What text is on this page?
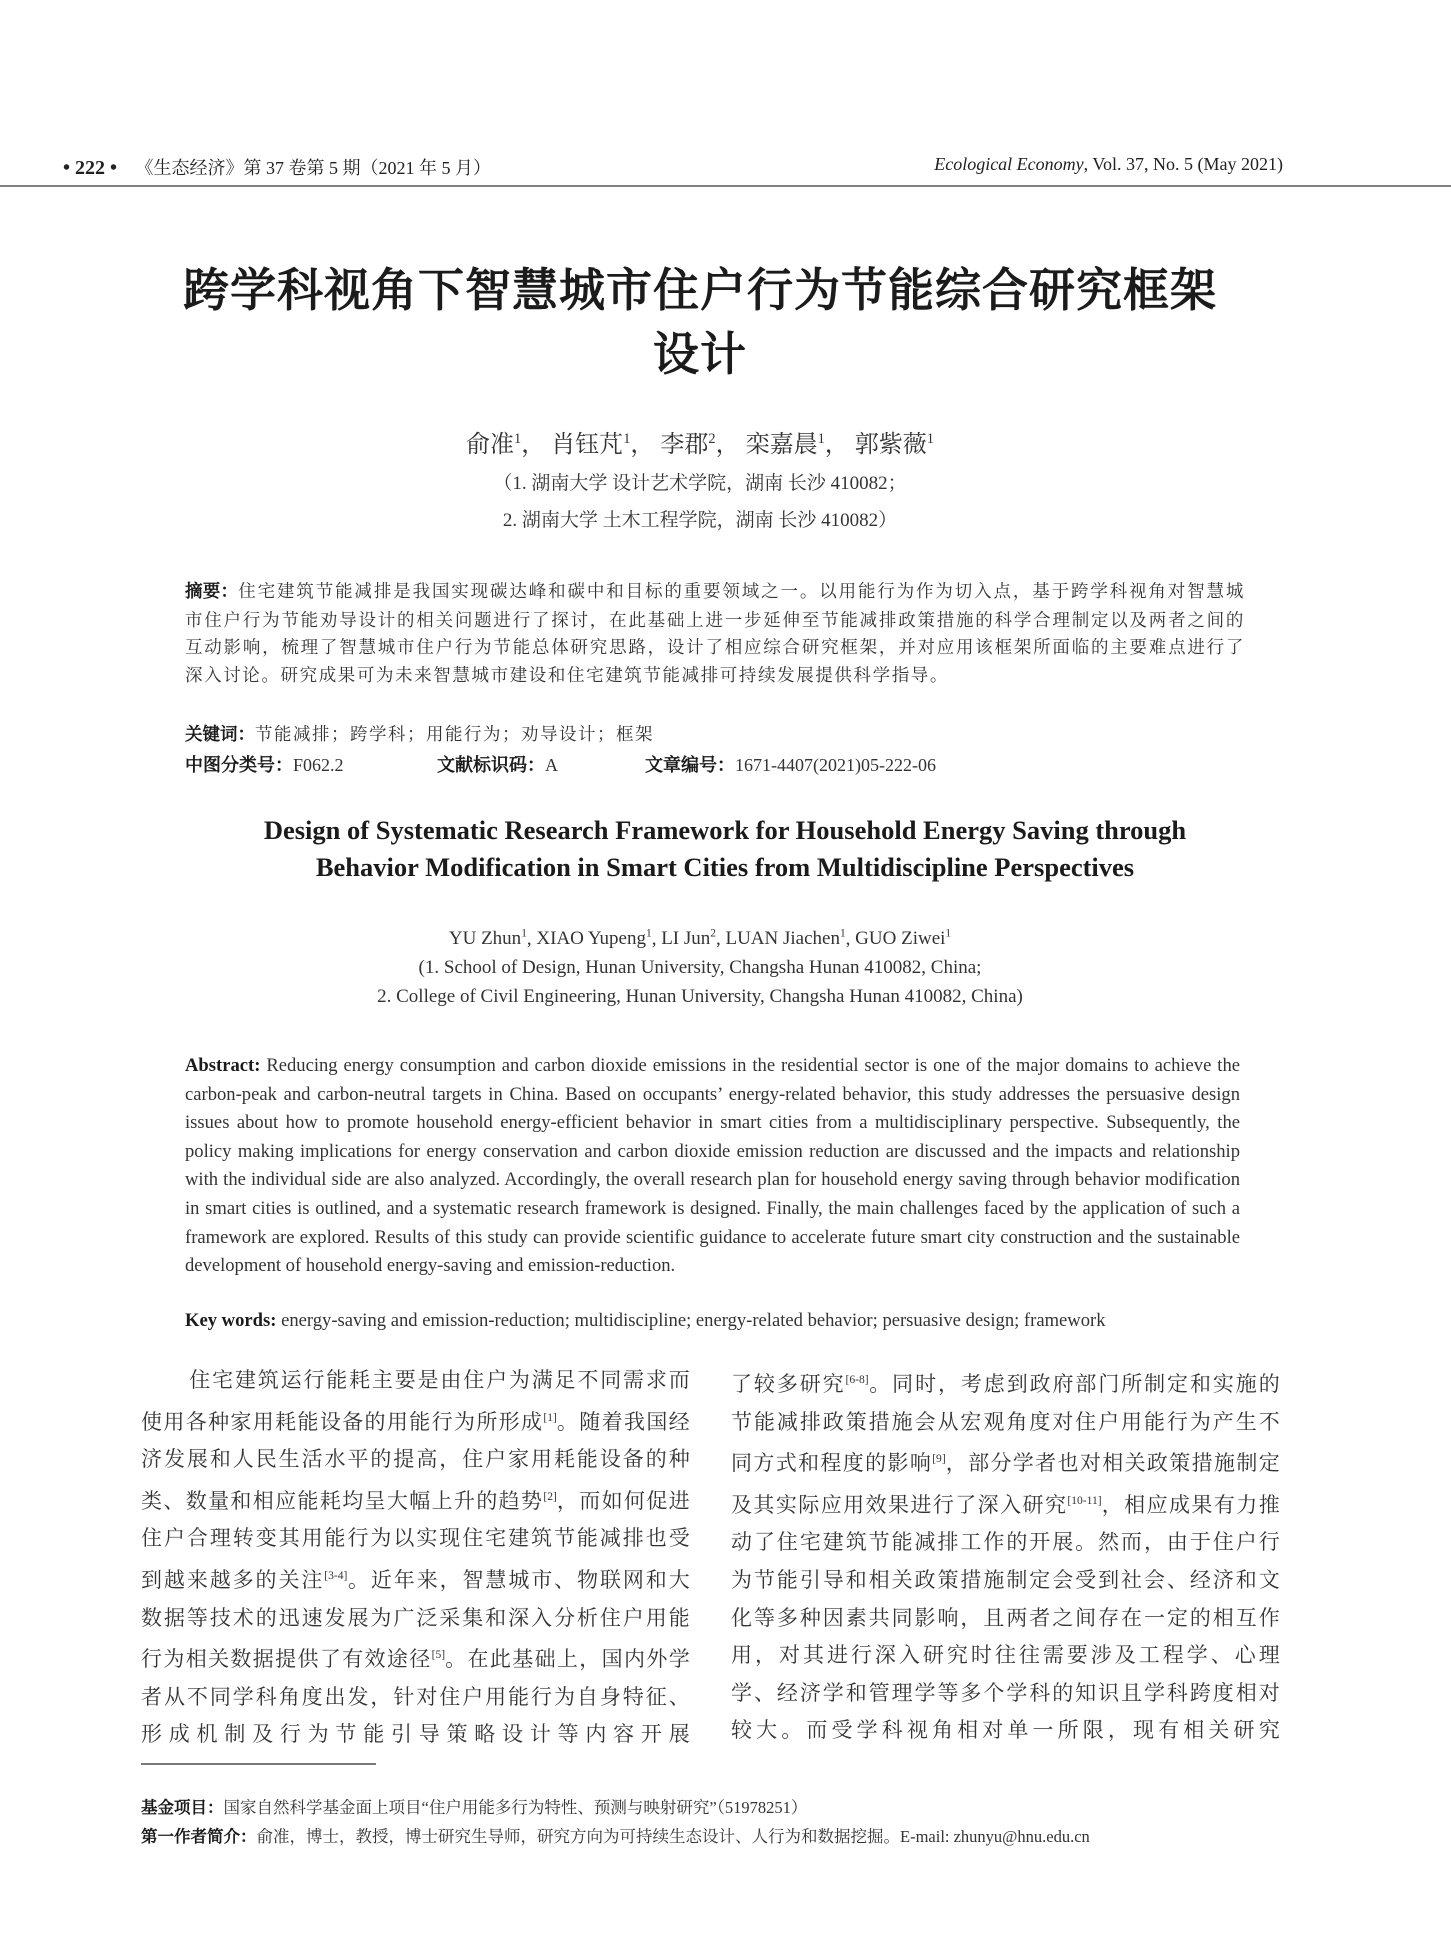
• 222 • 《生态经济》第 37 卷第 5 期（2021 年 5 月）	Ecological Economy, Vol. 37, No. 5 (May 2021)
跨学科视角下智慧城市住户行为节能综合研究框架
设计
俞准$^1$， 肖钰芃$^1$， 李郡$^2$， 栾嘉晨$^1$， 郭紫薇$^1$
（1. 湖南大学 设计艺术学院，湖南 长沙 410082；
2. 湖南大学 土木工程学院，湖南 长沙 410082）
摘要：住宅建筑节能减排是我国实现碳达峰和碳中和目标的重要领域之一。以用能行为作为切入点，基于跨学科视角对智慧城市住户行为节能劝导设计的相关问题进行了探讨，在此基础上进一步延伸至节能减排政策措施的科学合理制定以及两者之间的互动影响，梳理了智慧城市住户行为节能总体研究思路，设计了相应综合研究框架，并对应用该框架所面临的主要难点进行了深入讨论。研究成果可为未来智慧城市建设和住宅建筑节能减排可持续发展提供科学指导。
关键词：节能减排；跨学科；用能行为；劝导设计；框架
中图分类号：F062.2	文献标识码：A	文章编号：1671-4407(2021)05-222-06
Design of Systematic Research Framework for Household Energy Saving through
Behavior Modification in Smart Cities from Multidiscipline Perspectives
YU Zhun$^1$, XIAO Yupeng$^1$, LI Jun$^2$, LUAN Jiachen$^1$, GUO Ziwei$^1$
(1. School of Design, Hunan University, Changsha Hunan 410082, China;
2. College of Civil Engineering, Hunan University, Changsha Hunan 410082, China)
Abstract: Reducing energy consumption and carbon dioxide emissions in the residential sector is one of the major domains to achieve the carbon-peak and carbon-neutral targets in China. Based on occupants’ energy-related behavior, this study addresses the persuasive design issues about how to promote household energy-efficient behavior in smart cities from a multidisciplinary perspective. Subsequently, the policy making implications for energy conservation and carbon dioxide emission reduction are discussed and the impacts and relationship with the individual side are also analyzed. Accordingly, the overall research plan for household energy saving through behavior modification in smart cities is outlined, and a systematic research framework is designed. Finally, the main challenges faced by the application of such a framework are explored. Results of this study can provide scientific guidance to accelerate future smart city construction and the sustainable development of household energy-saving and emission-reduction.
Key words: energy-saving and emission-reduction; multidiscipline; energy-related behavior; persuasive design; framework

住宅建筑运行能耗主要是由住户为满足不同需求而使用各种家用耗能设备的用能行为所形成[1]。随着我国经济发展和人民生活水平的提高，住户家用耗能设备的种类、数量和相应能耗均呈大幅上升的趋势[2]，而如何促进住户合理转变其用能行为以实现住宅建筑节能减排也受到越来越多的关注[3-4]。近年来，智慧城市、物联网和大数据等技术的迅速发展为广泛采集和深入分析住户用能行为相关数据提供了有效途径[5]。在此基础上，国内外学者从不同学科角度出发，针对住户用能行为自身特征、形成机制及行为节能引导策略设计等内容开展

了较多研究[6-8]。同时，考虑到政府部门所制定和实施的节能减排政策措施会从宏观角度对住户用能行为产生不同方式和程度的影响[9]，部分学者也对相关政策措施制定及其实际应用效果进行了深入研究[10-11]，相应成果有力推动了住宅建筑节能减排工作的开展。然而，由于住户行为节能引导和相关政策措施制定会受到社会、经济和文化等多种因素共同影响，且两者之间存在一定的相互作用，对其进行深入研究时往往需要涉及工程学、心理学、经济学和管理学等多个学科的知识且学科跨度相对较大。而受学科视角相对单一所限，现有相关研究

基金项目：国家自然科学基金面上项目“住户用能多行为特性、预测与映射研究”（51978251）
第一作者简介：俞准，博士，教授，博士研究生导师，研究方向为可持续生态设计、人行为和数据挖掘。E-mail: zhunyu@hnu.edu.cn
